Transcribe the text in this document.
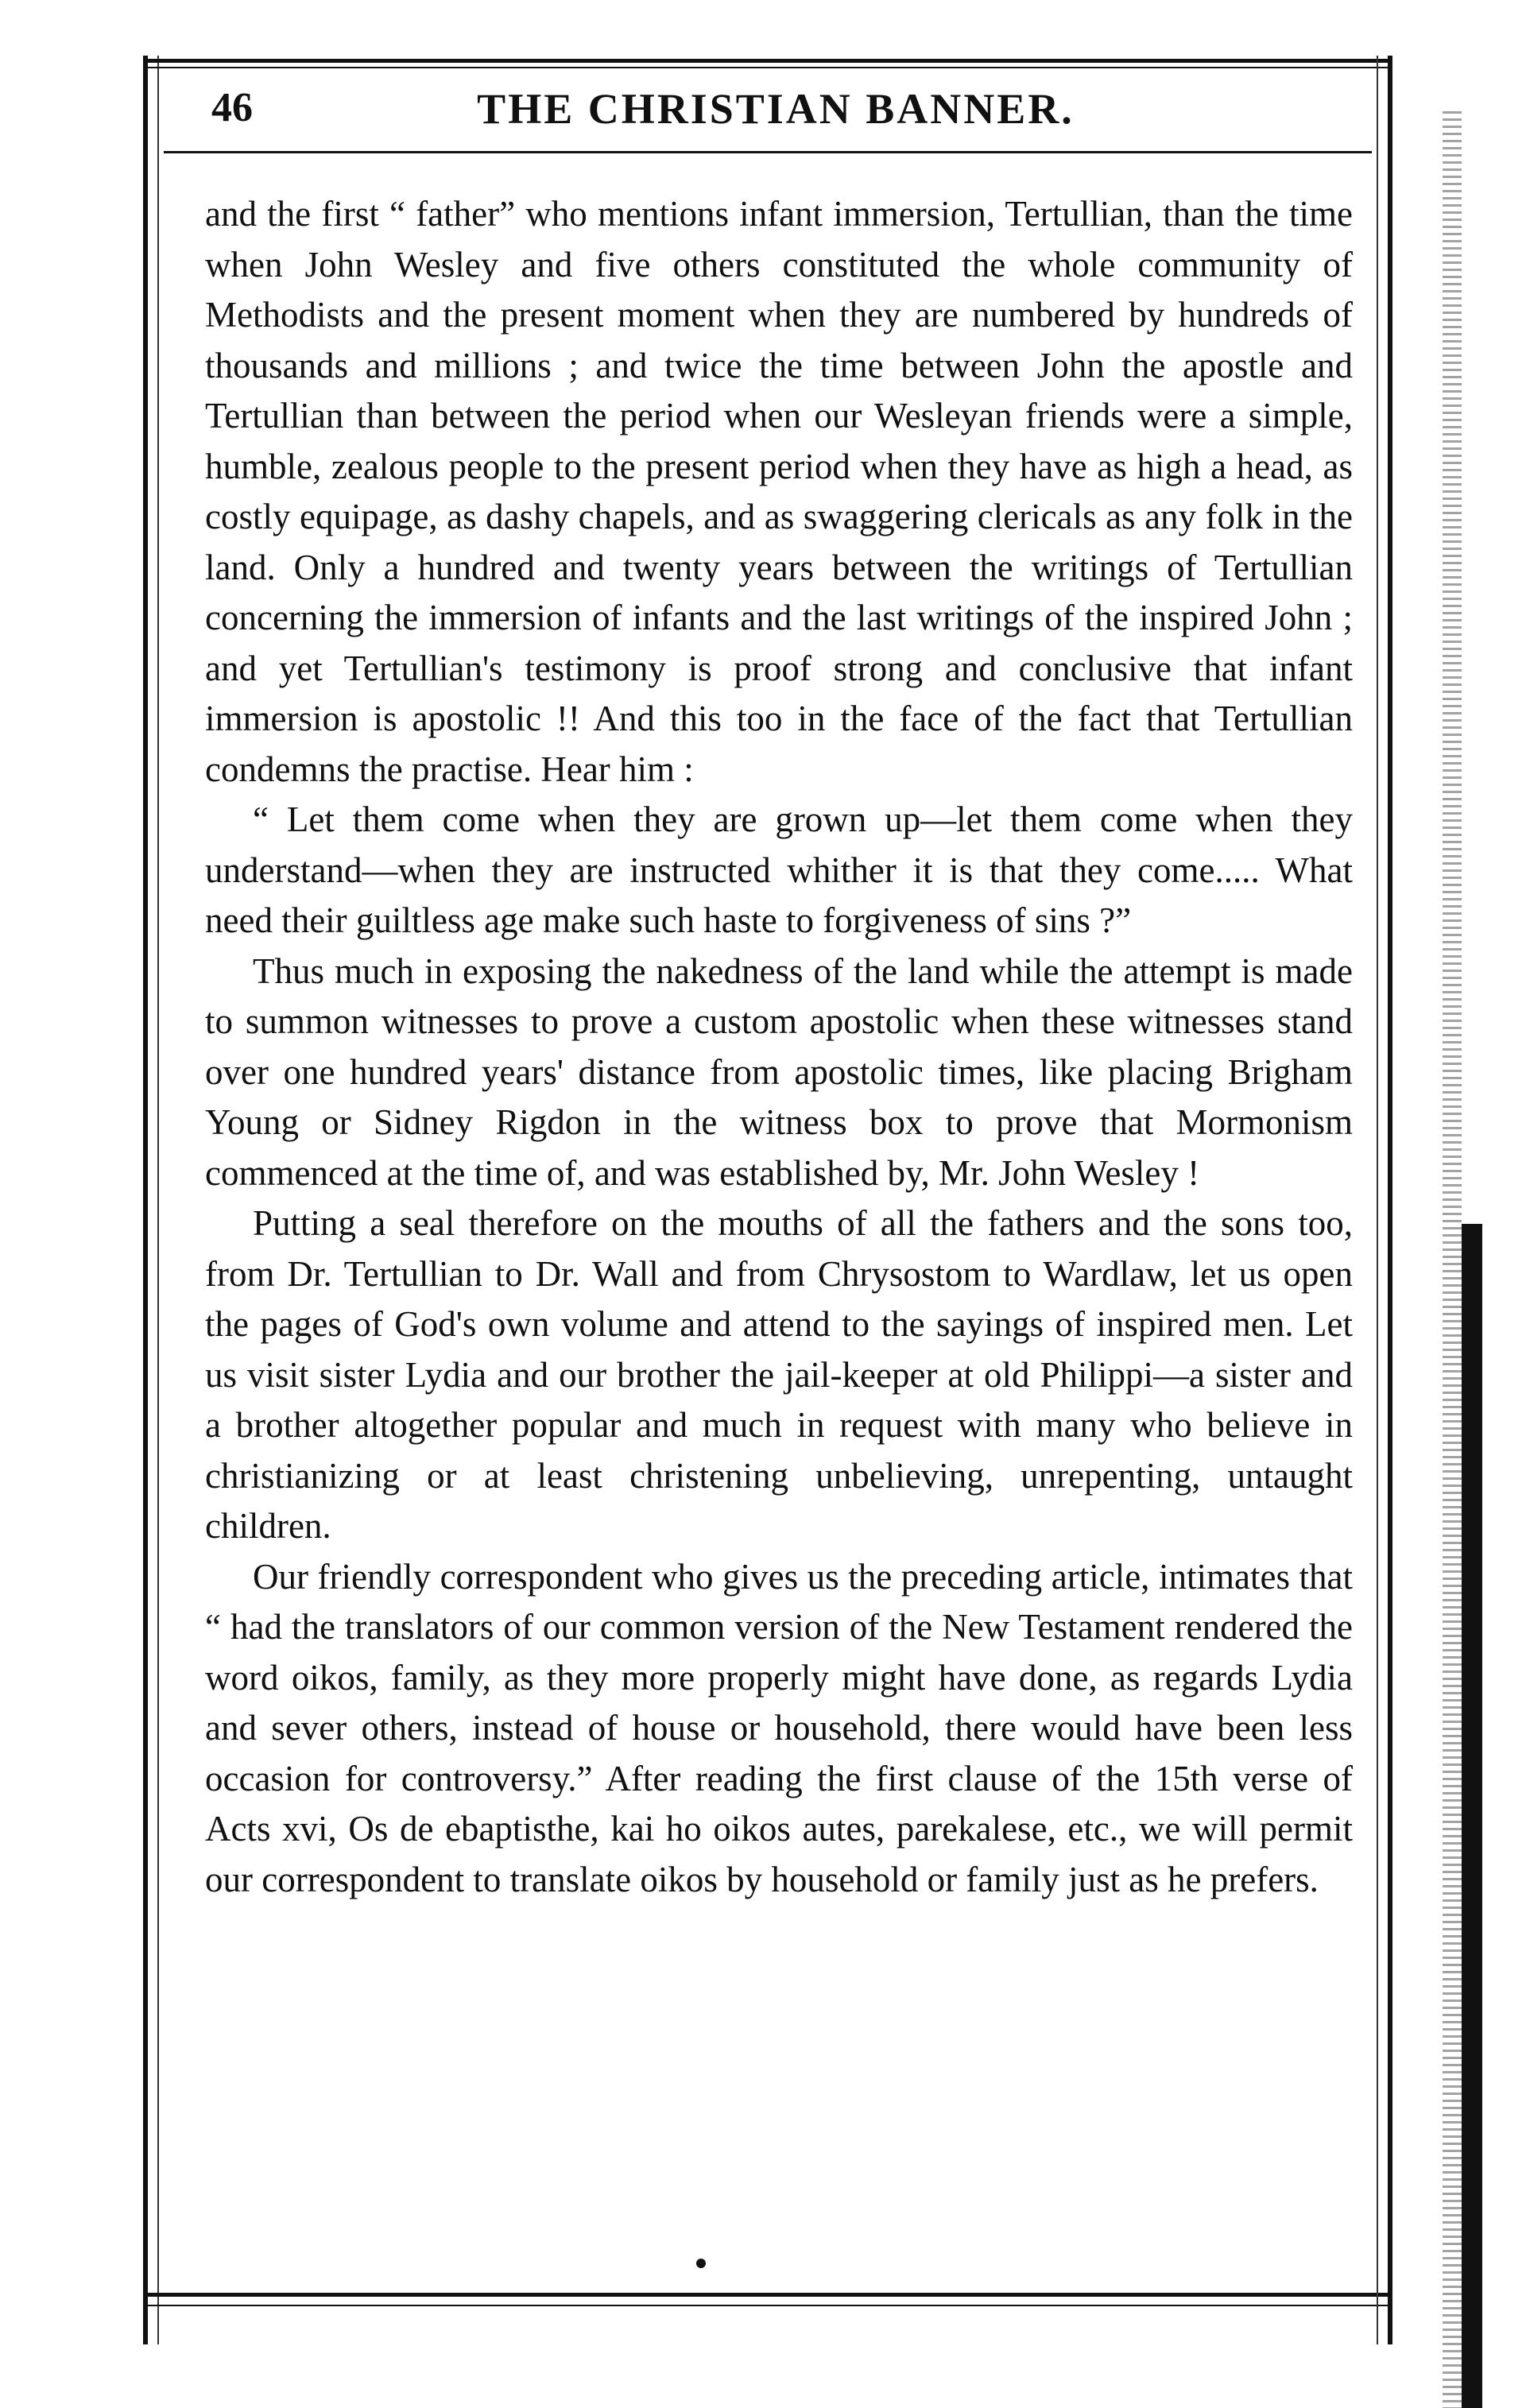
46	THE CHRISTIAN BANNER.

and the first “ father” who mentions infant immersion, Tertullian, than the time when John Wesley and five others constituted the whole community of Methodists and the present moment when they are numbered by hundreds of thousands and millions ; and twice the time between John the apostle and Tertullian than between the period when our Wesleyan friends were a simple, humble, zealous people to the present period when they have as high a head, as costly equipage, as dashy chapels, and as swaggering clericals as any folk in the land. Only a hundred and twenty years between the writings of Tertullian concerning the immersion of infants and the last writings of the inspired John ; and yet Tertullian's testimony is proof strong and conclusive that infant immersion is apostolic !! And this too in the face of the fact that Tertullian condemns the practise. Hear him :

“ Let them come when they are grown up—let them come when they understand—when they are instructed whither it is that they come..... What need their guiltless age make such haste to forgiveness of sins ?”

Thus much in exposing the nakedness of the land while the attempt is made to summon witnesses to prove a custom apostolic when these witnesses stand over one hundred years' distance from apostolic times, like placing Brigham Young or Sidney Rigdon in the witness box to prove that Mormonism commenced at the time of, and was established by, Mr. John Wesley !

Putting a seal therefore on the mouths of all the fathers and the sons too, from Dr. Tertullian to Dr. Wall and from Chrysostom to Wardlaw, let us open the pages of God's own volume and attend to the sayings of inspired men. Let us visit sister Lydia and our brother the jail-keeper at old Philippi—a sister and a brother altogether popular and much in request with many who believe in christianizing or at least christening unbelieving, unrepenting, untaught children.

Our friendly correspondent who gives us the preceding article, intimates that “ had the translators of our common version of the New Testament rendered the word oikos, family, as they more properly might have done, as regards Lydia and sever others, instead of house or household, there would have been less occasion for controversy.” After reading the first clause of the 15th verse of Acts xvi, Os de ebaptisthe, kai ho oikos autes, parekalese, etc., we will permit our correspondent to translate oikos by household or family just as he prefers.
